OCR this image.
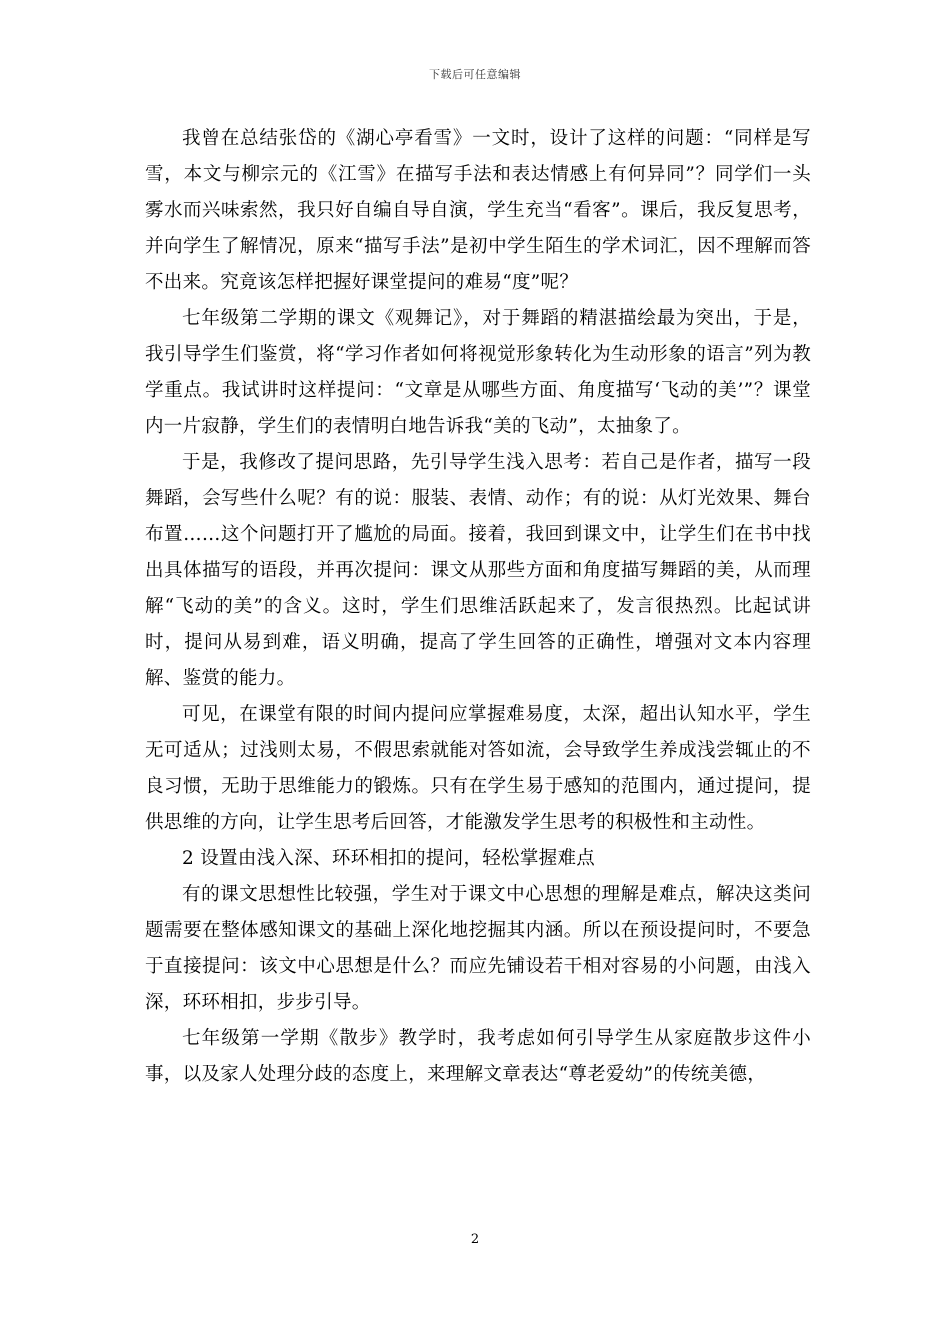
下载后可任意编辑

我曾在总结张岱的《湖心亭看雪》一文时，设计了这样的问题：“同样是写雪，本文与柳宗元的《江雪》在描写手法和表达情感上有何异同”？同学们一头雾水而兴味索然，我只好自编自导自演，学生充当“看客”。课后，我反复思考，并向学生了解情况，原来“描写手法”是初中学生陌生的学术词汇，因不理解而答不出来。究竟该怎样把握好课堂提问的难易“度”呢？

七年级第二学期的课文《观舞记》，对于舞蹈的精湛描绘最为突出，于是，我引导学生们鉴赏，将“学习作者如何将视觉形象转化为生动形象的语言”列为教学重点。我试讲时这样提问：“文章是从哪些方面、角度描写‘飞动的美’”？课堂内一片寂静，学生们的表情明白地告诉我“美的飞动”，太抽象了。

于是，我修改了提问思路，先引导学生浅入思考：若自己是作者，描写一段舞蹈，会写些什么呢？有的说：服装、表情、动作；有的说：从灯光效果、舞台布置……这个问题打开了尴尬的局面。接着，我回到课文中，让学生们在书中找出具体描写的语段，并再次提问：课文从那些方面和角度描写舞蹈的美，从而理解“飞动的美”的含义。这时，学生们思维活跃起来了，发言很热烈。比起试讲时，提问从易到难，语义明确，提高了学生回答的正确性，增强对文本内容理解、鉴赏的能力。

可见，在课堂有限的时间内提问应掌握难易度，太深，超出认知水平，学生无可适从；过浅则太易，不假思索就能对答如流，会导致学生养成浅尝辄止的不良习惯，无助于思维能力的锻炼。只有在学生易于感知的范围内，通过提问，提供思维的方向，让学生思考后回答，才能激发学生思考的积极性和主动性。

2 设置由浅入深、环环相扣的提问，轻松掌握难点

有的课文思想性比较强，学生对于课文中心思想的理解是难点，解决这类问题需要在整体感知课文的基础上深化地挖掘其内涵。所以在预设提问时，不要急于直接提问：该文中心思想是什么？而应先铺设若干相对容易的小问题，由浅入深，环环相扣，步步引导。

七年级第一学期《散步》教学时，我考虑如何引导学生从家庭散步这件小事，以及家人处理分歧的态度上，来理解文章表达“尊老爱幼”的传统美德，

2
